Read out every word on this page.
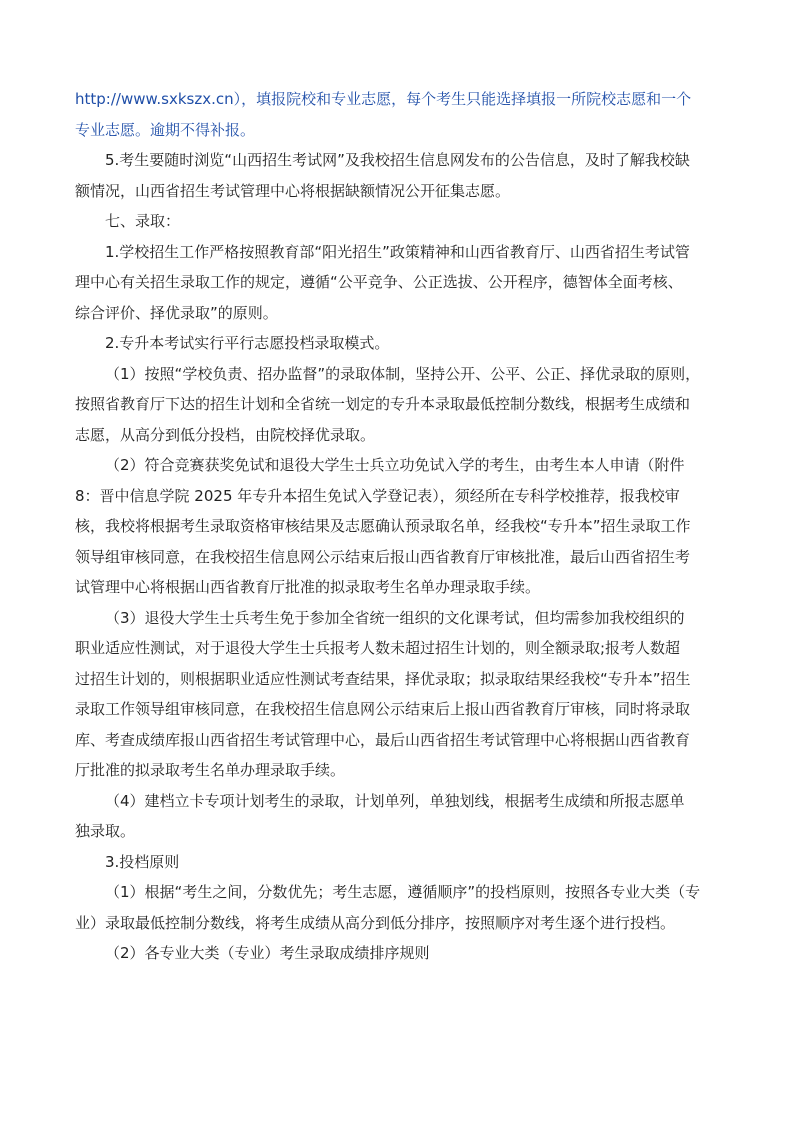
http://www.sxkszx.cn），填报院校和专业志愿，每个考生只能选择填报一所院校志愿和一个
专业志愿。逾期不得补报。

5.考生要随时浏览“山西招生考试网”及我校招生信息网发布的公告信息，及时了解我校缺
额情况，山西省招生考试管理中心将根据缺额情况公开征集志愿。

七、录取：

1.学校招生工作严格按照教育部“阳光招生”政策精神和山西省教育厅、山西省招生考试管
理中心有关招生录取工作的规定，遵循“公平竞争、公正选拔、公开程序，德智体全面考核、
综合评价、择优录取”的原则。

2.专升本考试实行平行志愿投档录取模式。

（1）按照“学校负责、招办监督”的录取体制，坚持公开、公平、公正、择优录取的原则，
按照省教育厅下达的招生计划和全省统一划定的专升本录取最低控制分数线，根据考生成绩和
志愿，从高分到低分投档，由院校择优录取。

（2）符合竞赛获奖免试和退役大学生士兵立功免试入学的考生，由考生本人申请（附件
8：晋中信息学院 2025 年专升本招生免试入学登记表），须经所在专科学校推荐，报我校审
核，我校将根据考生录取资格审核结果及志愿确认预录取名单，经我校“专升本”招生录取工作
领导组审核同意，在我校招生信息网公示结束后报山西省教育厅审核批准，最后山西省招生考
试管理中心将根据山西省教育厅批准的拟录取考生名单办理录取手续。

（3）退役大学生士兵考生免于参加全省统一组织的文化课考试，但均需参加我校组织的
职业适应性测试，对于退役大学生士兵报考人数未超过招生计划的，则全额录取;报考人数超
过招生计划的，则根据职业适应性测试考查结果，择优录取；拟录取结果经我校“专升本”招生
录取工作领导组审核同意，在我校招生信息网公示结束后上报山西省教育厅审核，同时将录取
库、考查成绩库报山西省招生考试管理中心，最后山西省招生考试管理中心将根据山西省教育
厅批准的拟录取考生名单办理录取手续。

（4）建档立卡专项计划考生的录取，计划单列，单独划线，根据考生成绩和所报志愿单
独录取。

3.投档原则

（1）根据“考生之间，分数优先；考生志愿，遵循顺序”的投档原则，按照各专业大类（专
业）录取最低控制分数线，将考生成绩从高分到低分排序，按照顺序对考生逐个进行投档。

（2）各专业大类（专业）考生录取成绩排序规则
